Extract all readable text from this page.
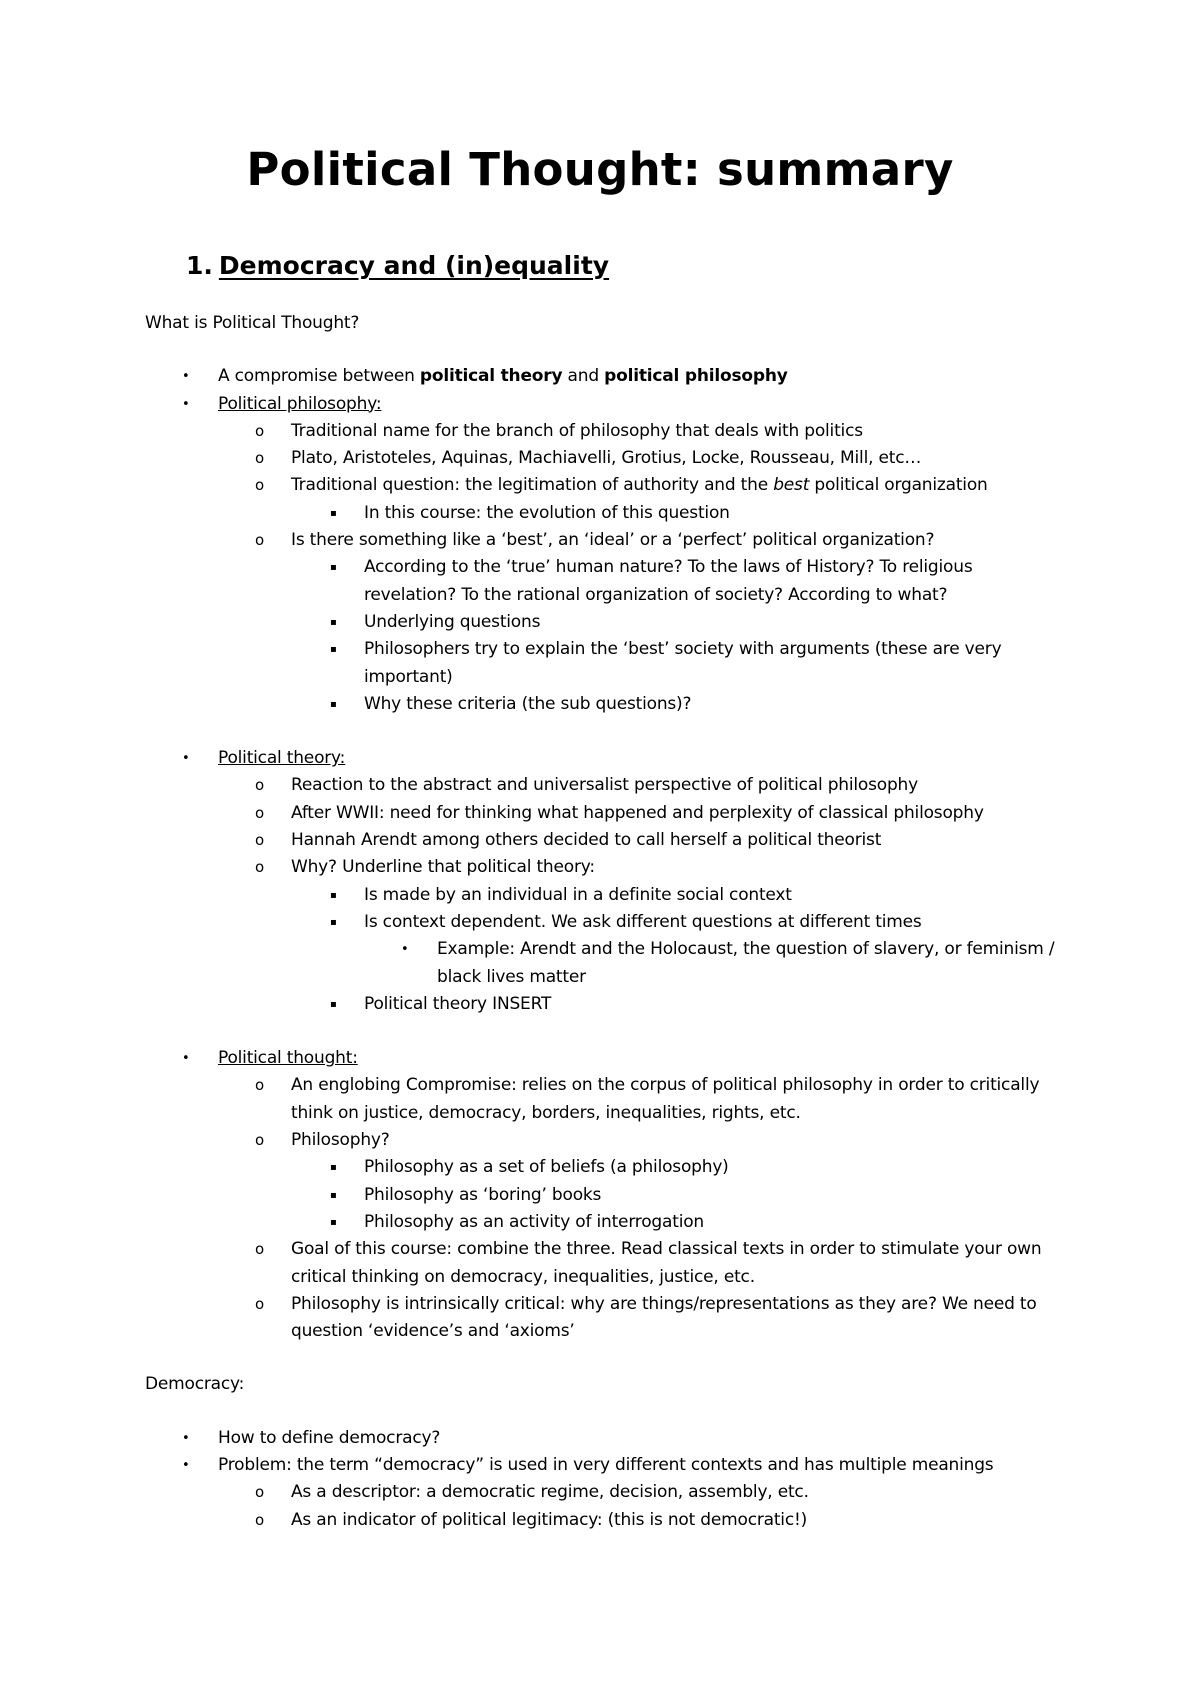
Political Thought: summary
1. Democracy and (in)equality

What is Political Thought?

• A compromise between political theory and political philosophy
• Political philosophy:
o Traditional name for the branch of philosophy that deals with politics
o Plato, Aristoteles, Aquinas, Machiavelli, Grotius, Locke, Rousseau, Mill, etc…
o Traditional question: the legitimation of authority and the best political organization
▪ In this course: the evolution of this question
o Is there something like a ‘best’, an ‘ideal’ or a ‘perfect’ political organization?
▪ According to the ‘true’ human nature? To the laws of History? To religious revelation? To the rational organization of society? According to what?
▪ Underlying questions
▪ Philosophers try to explain the ‘best’ society with arguments (these are very important)
▪ Why these criteria (the sub questions)?
• Political theory:
o Reaction to the abstract and universalist perspective of political philosophy
o After WWII: need for thinking what happened and perplexity of classical philosophy
o Hannah Arendt among others decided to call herself a political theorist
o Why? Underline that political theory:
▪ Is made by an individual in a definite social context
▪ Is context dependent. We ask different questions at different times
• Example: Arendt and the Holocaust, the question of slavery, or feminism / black lives matter
▪ Political theory INSERT
• Political thought:
o An englobing Compromise: relies on the corpus of political philosophy in order to critically think on justice, democracy, borders, inequalities, rights, etc.
o Philosophy?
▪ Philosophy as a set of beliefs (a philosophy)
▪ Philosophy as ‘boring’ books
▪ Philosophy as an activity of interrogation
o Goal of this course: combine the three. Read classical texts in order to stimulate your own critical thinking on democracy, inequalities, justice, etc.
o Philosophy is intrinsically critical: why are things/representations as they are? We need to question ‘evidence’s and ‘axioms’

Democracy:

• How to define democracy?
• Problem: the term “democracy” is used in very different contexts and has multiple meanings
o As a descriptor: a democratic regime, decision, assembly, etc.
o As an indicator of political legitimacy: (this is not democratic!)
